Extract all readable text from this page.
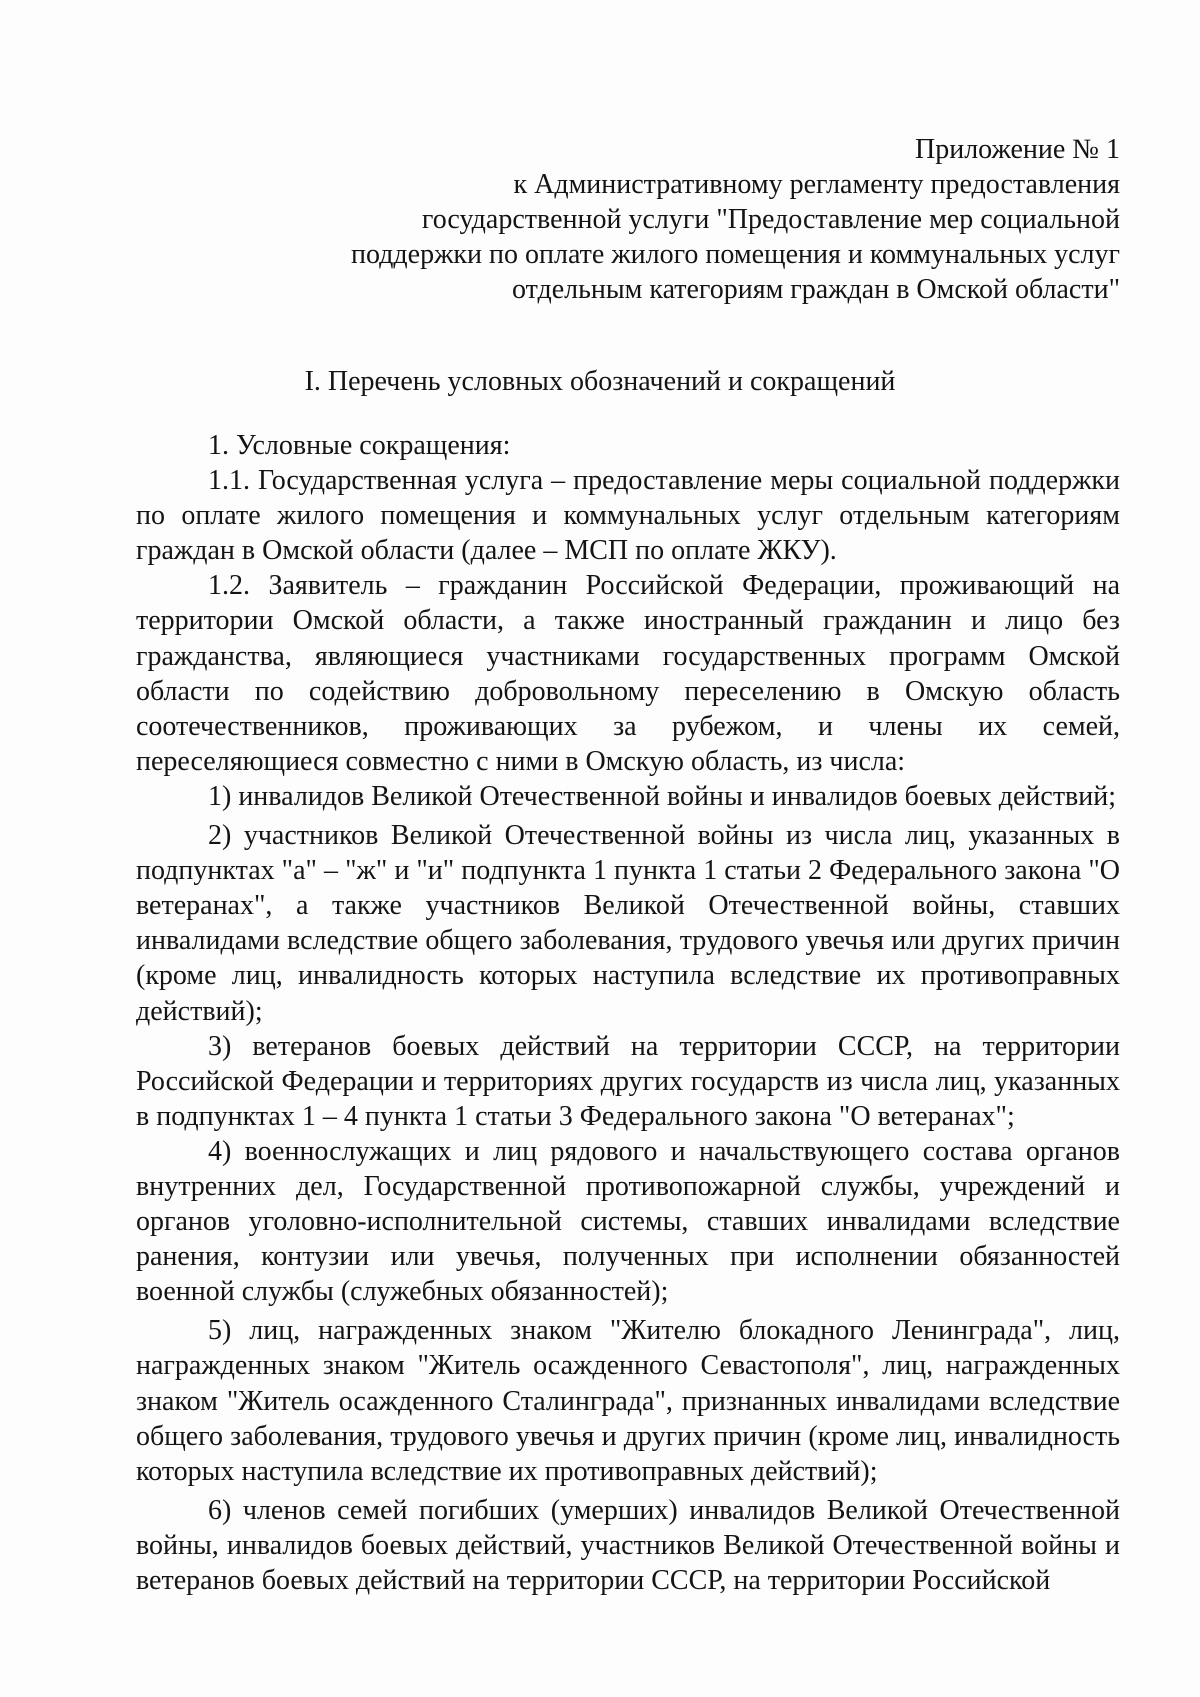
Приложение № 1
к Административному регламенту предоставления
государственной услуги "Предоставление мер социальной
поддержки по оплате жилого помещения и коммунальных услуг
отдельным категориям граждан в Омской области"
I. Перечень условных обозначений и сокращений

1. Условные сокращения:

1.1. Государственная услуга – предоставление меры социальной поддержки по оплате жилого помещения и коммунальных услуг отдельным категориям граждан в Омской области (далее – МСП по оплате ЖКУ).

1.2. Заявитель – гражданин Российской Федерации, проживающий на территории Омской области, а также иностранный гражданин и лицо без гражданства, являющиеся участниками государственных программ Омской области по содействию добровольному переселению в Омскую область соотечественников, проживающих за рубежом, и члены их семей, переселяющиеся совместно с ними в Омскую область, из числа:

1) инвалидов Великой Отечественной войны и инвалидов боевых действий;

2) участников Великой Отечественной войны из числа лиц, указанных в подпунктах "а" – "ж" и "и" подпункта 1 пункта 1 статьи 2 Федерального закона "О ветеранах", а также участников Великой Отечественной войны, ставших инвалидами вследствие общего заболевания, трудового увечья или других причин (кроме лиц, инвалидность которых наступила вследствие их противоправных действий);

3) ветеранов боевых действий на территории СССР, на территории Российской Федерации и территориях других государств из числа лиц, указанных в подпунктах 1 – 4 пункта 1 статьи 3 Федерального закона "О ветеранах";

4) военнослужащих и лиц рядового и начальствующего состава органов внутренних дел, Государственной противопожарной службы, учреждений и органов уголовно-исполнительной системы, ставших инвалидами вследствие ранения, контузии или увечья, полученных при исполнении обязанностей военной службы (служебных обязанностей);

5) лиц, награжденных знаком "Жителю блокадного Ленинграда", лиц, награжденных знаком "Житель осажденного Севастополя", лиц, награжденных знаком "Житель осажденного Сталинграда", признанных инвалидами вследствие общего заболевания, трудового увечья и других причин (кроме лиц, инвалидность которых наступила вследствие их противоправных действий);

6) членов семей погибших (умерших) инвалидов Великой Отечественной войны, инвалидов боевых действий, участников Великой Отечественной войны и ветеранов боевых действий на территории СССР, на территории Российской
